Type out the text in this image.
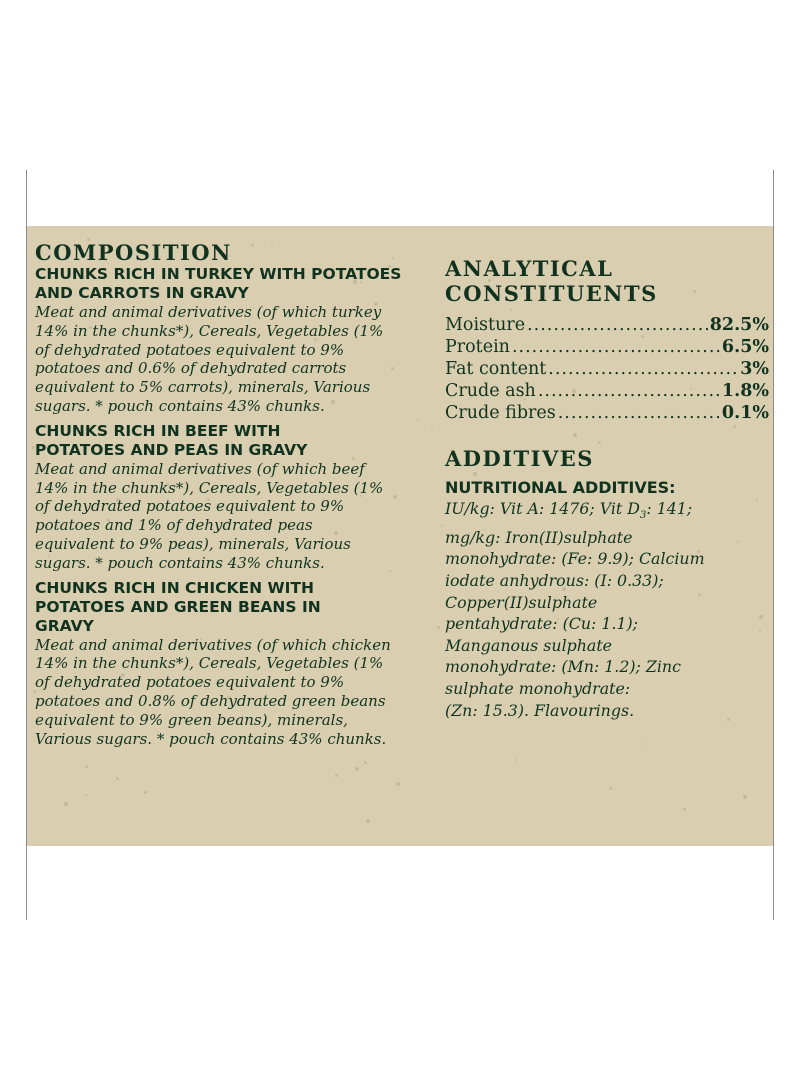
COMPOSITION

CHUNKS RICH IN TURKEY WITH POTATOES AND CARROTS IN GRAVY

Meat and animal derivatives (of which turkey

14% in the chunks*), Cereals, Vegetables (1%

of dehydrated potatoes equivalent to 9%

potatoes and 0.6% of dehydrated carrots

equivalent to 5% carrots), minerals, Various

sugars. * pouch contains 43% chunks.

CHUNKS RICH IN BEEF WITH POTATOES AND PEAS IN GRAVY

Meat and animal derivatives (of which beef

14% in the chunks*), Cereals, Vegetables (1%

of dehydrated potatoes equivalent to 9%

potatoes and 1% of dehydrated peas

equivalent to 9% peas), minerals, Various

sugars. * pouch contains 43% chunks.

CHUNKS RICH IN CHICKEN WITH POTATOES AND GREEN BEANS IN GRAVY

Meat and animal derivatives (of which chicken

14% in the chunks*), Cereals, Vegetables (1%

of dehydrated potatoes equivalent to 9%

potatoes and 0.8% of dehydrated green beans

equivalent to 9% green beans), minerals,

Various sugars. * pouch contains 43% chunks.

ANALYTICAL
CONSTITUENTS
Moisture .....	82.5%
Protein .....	6.5%
Fat content .....	3%
Crude ash .....	1.8%
Crude fibres .....	0.1%
ADDITIVES

NUTRITIONAL ADDITIVES:

IU/kg: Vit A: 1476; Vit $D_3$: 141;

mg/kg: Iron(II)sulphate

monohydrate: (Fe: 9.9); Calcium

iodate anhydrous: (I: 0.33);

Copper(II)sulphate

pentahydrate: (Cu: 1.1);

Manganous sulphate

monohydrate: (Mn: 1.2); Zinc

sulphate monohydrate:

(Zn: 15.3). Flavourings.
